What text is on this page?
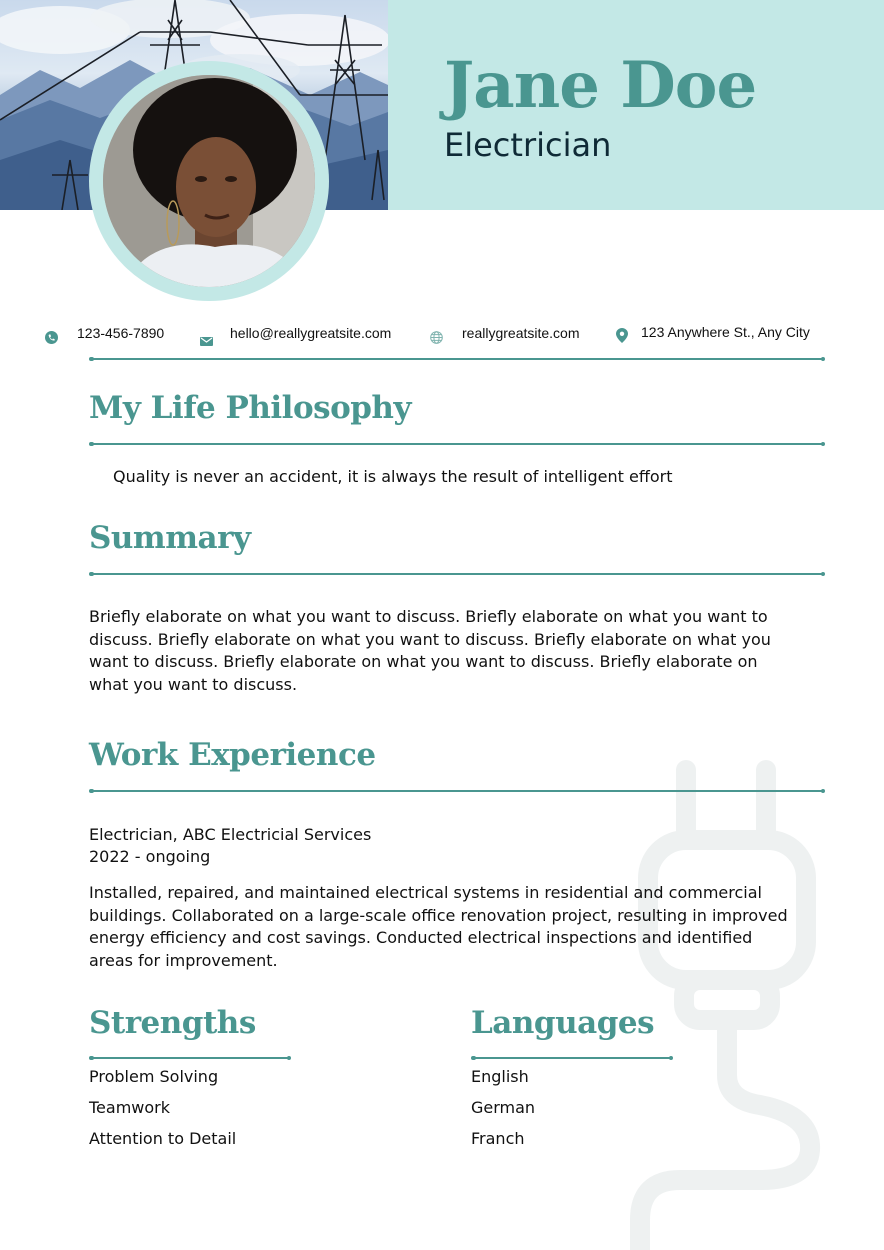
Jane Doe
Electrician
123-456-7890	hello@reallygreatsite.com	reallygreatsite.com	123 Anywhere St., Any City
My Life Philosophy
Quality is never an accident, it is always the result of intelligent effort
Summary
Briefly elaborate on what you want to discuss. Briefly elaborate on what you want to discuss. Briefly elaborate on what you want to discuss. Briefly elaborate on what you want to discuss. Briefly elaborate on what you want to discuss. Briefly elaborate on what you want to discuss.
Work Experience
Electrician, ABC Electricial Services
2022 - ongoing
Installed, repaired, and maintained electrical systems in residential and commercial buildings. Collaborated on a large-scale office renovation project, resulting in improved energy efficiency and cost savings. Conducted electrical inspections and identified areas for improvement.
Strengths
Problem Solving
Teamwork
Attention to Detail
Languages
English
German
Franch
